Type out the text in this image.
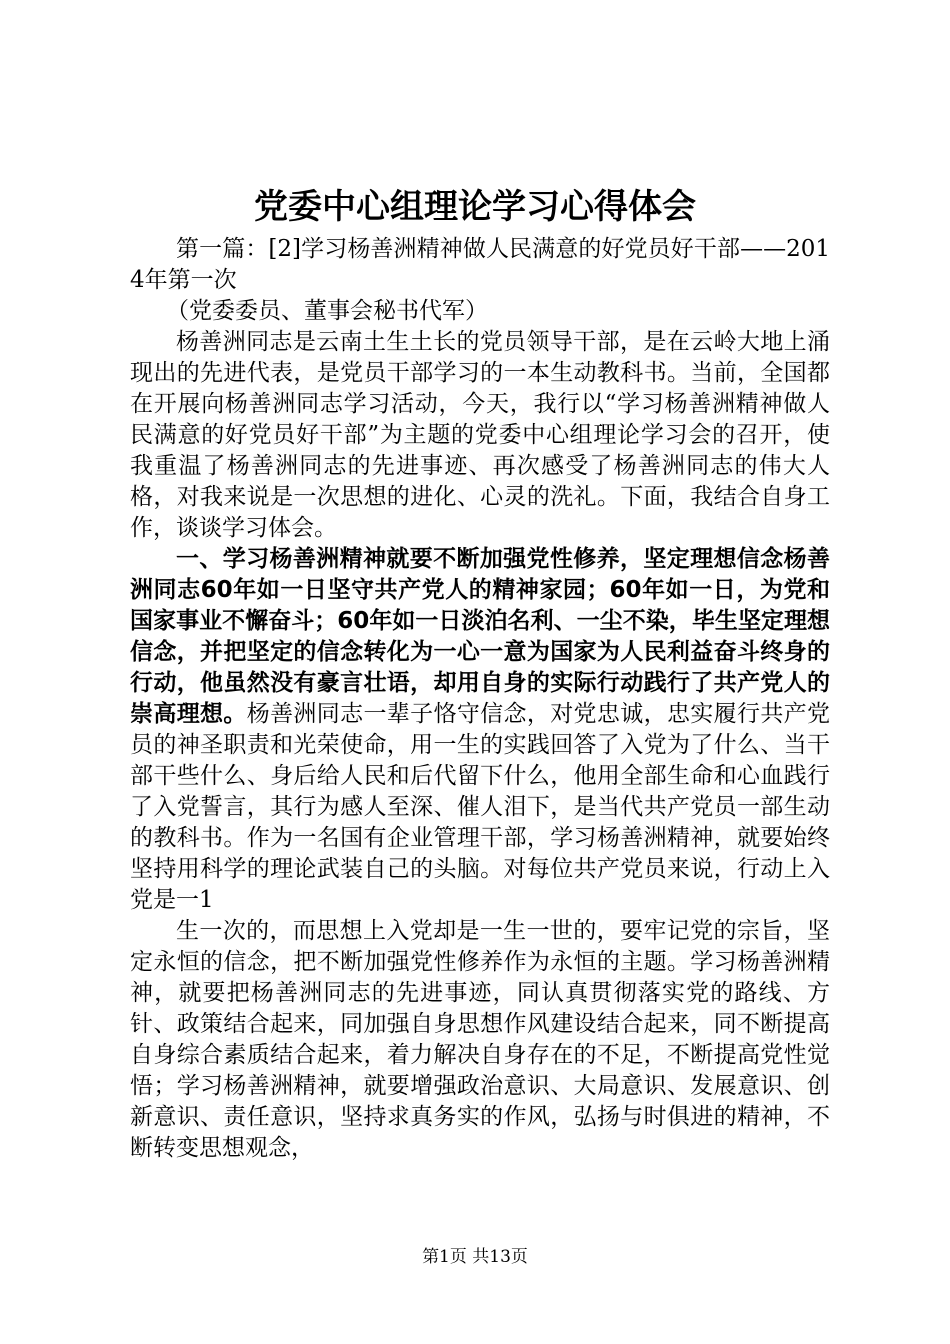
党委中心组理论学习心得体会

第一篇：[2]学习杨善洲精神做人民满意的好党员好干部——2014年第一次

（党委委员、董事会秘书代军）

杨善洲同志是云南土生土长的党员领导干部，是在云岭大地上涌现出的先进代表，是党员干部学习的一本生动教科书。当前，全国都在开展向杨善洲同志学习活动，今天，我行以“学习杨善洲精神做人民满意的好党员好干部”为主题的党委中心组理论学习会的召开，使我重温了杨善洲同志的先进事迹、再次感受了杨善洲同志的伟大人格，对我来说是一次思想的进化、心灵的洗礼。下面，我结合自身工作，谈谈学习体会。

一、学习杨善洲精神就要不断加强党性修养，坚定理想信念杨善洲同志60年如一日坚守共产党人的精神家园；60年如一日，为党和国家事业不懈奋斗；60年如一日淡泊名利、一尘不染，毕生坚定理想信念，并把坚定的信念转化为一心一意为国家为人民利益奋斗终身的行动，他虽然没有豪言壮语，却用自身的实际行动践行了共产党人的崇高理想。杨善洲同志一辈子恪守信念，对党忠诚，忠实履行共产党员的神圣职责和光荣使命，用一生的实践回答了入党为了什么、当干部干些什么、身后给人民和后代留下什么，他用全部生命和心血践行了入党誓言，其行为感人至深、催人泪下，是当代共产党员一部生动的教科书。作为一名国有企业管理干部，学习杨善洲精神，就要始终坚持用科学的理论武装自己的头脑。对每位共产党员来说，行动上入党是一1

生一次的，而思想上入党却是一生一世的，要牢记党的宗旨，坚定永恒的信念，把不断加强党性修养作为永恒的主题。学习杨善洲精神，就要把杨善洲同志的先进事迹，同认真贯彻落实党的路线、方针、政策结合起来，同加强自身思想作风建设结合起来，同不断提高自身综合素质结合起来，着力解决自身存在的不足，不断提高党性觉悟；学习杨善洲精神，就要增强政治意识、大局意识、发展意识、创新意识、责任意识，坚持求真务实的作风，弘扬与时俱进的精神，不断转变思想观念，

第1页 共13页
